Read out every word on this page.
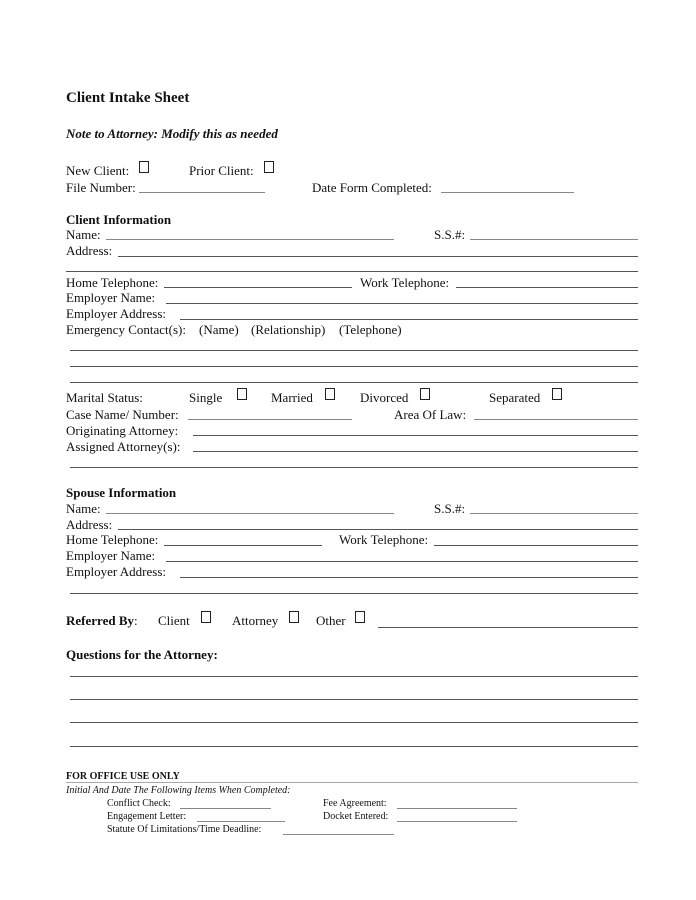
Client Intake Sheet
Note to Attorney: Modify this as needed
New Client:	Prior Client:
File Number:	Date Form Completed:
Client Information
Name:	S.S.#:
Address:
Home Telephone:	Work Telephone:
Employer Name:
Employer Address:
Emergency Contact(s): (Name) (Relationship) (Telephone)
Marital Status:	Single	Married	Divorced	Separated
Case Name/ Number:	Area Of Law:
Originating Attorney:
Assigned Attorney(s):
Spouse Information
Name:	S.S.#:
Address:
Home Telephone:	Work Telephone:
Employer Name:
Employer Address:
Referred By: Client	Attorney	Other
Questions for the Attorney:
FOR OFFICE USE ONLY
Initial And Date The Following Items When Completed:
Conflict Check:	Fee Agreement:
Engagement Letter:	Docket Entered:
Statute Of Limitations/Time Deadline:
